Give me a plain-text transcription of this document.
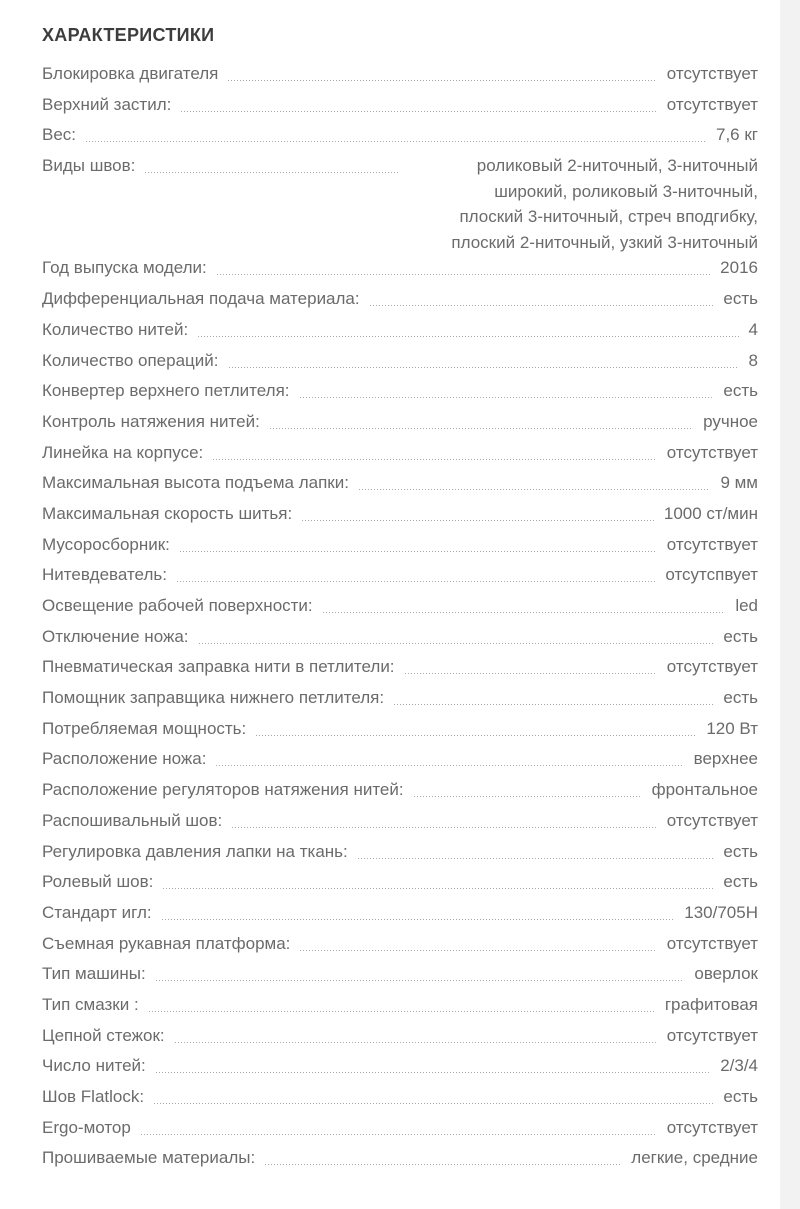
ХАРАКТЕРИСТИКИ
Блокировка двигателя	отсутствует
Верхний застил:	отсутствует
Вес:	7,6 кг
Виды швов:	роликовый 2-ниточный, 3-ниточный
широкий, роликовый 3-ниточный,
плоский 3-ниточный, стреч вподгибку,
плоский 2-ниточный, узкий 3-ниточный
Год выпуска модели:	2016
Дифференциальная подача материала:	есть
Количество нитей:	4
Количество операций:	8
Конвертер верхнего петлителя:	есть
Контроль натяжения нитей:	ручное
Линейка на корпусе:	отсутствует
Максимальная высота подъема лапки:	9 мм
Максимальная скорость шитья:	1000 ст/мин
Мусоросборник:	отсутствует
Нитевдеватель:	отсутспвует
Освещение рабочей поверхности:	led
Отключение ножа:	есть
Пневматическая заправка нити в петлители:	отсутствует
Помощник заправщика нижнего петлителя:	есть
Потребляемая мощность:	120 Вт
Расположение ножа:	верхнее
Расположение регуляторов натяжения нитей:	фронтальное
Распошивальный шов:	отсутствует
Регулировка давления лапки на ткань:	есть
Ролевый шов:	есть
Стандарт игл:	130/705Н
Съемная рукавная платформа:	отсутствует
Тип машины:	оверлок
Тип смазки :	графитовая
Цепной стежок:	отсутствует
Число нитей:	2/3/4
Шов Flatlock:	есть
Ergo-мотор	отсутствует
Прошиваемые материалы:	легкие, средние
